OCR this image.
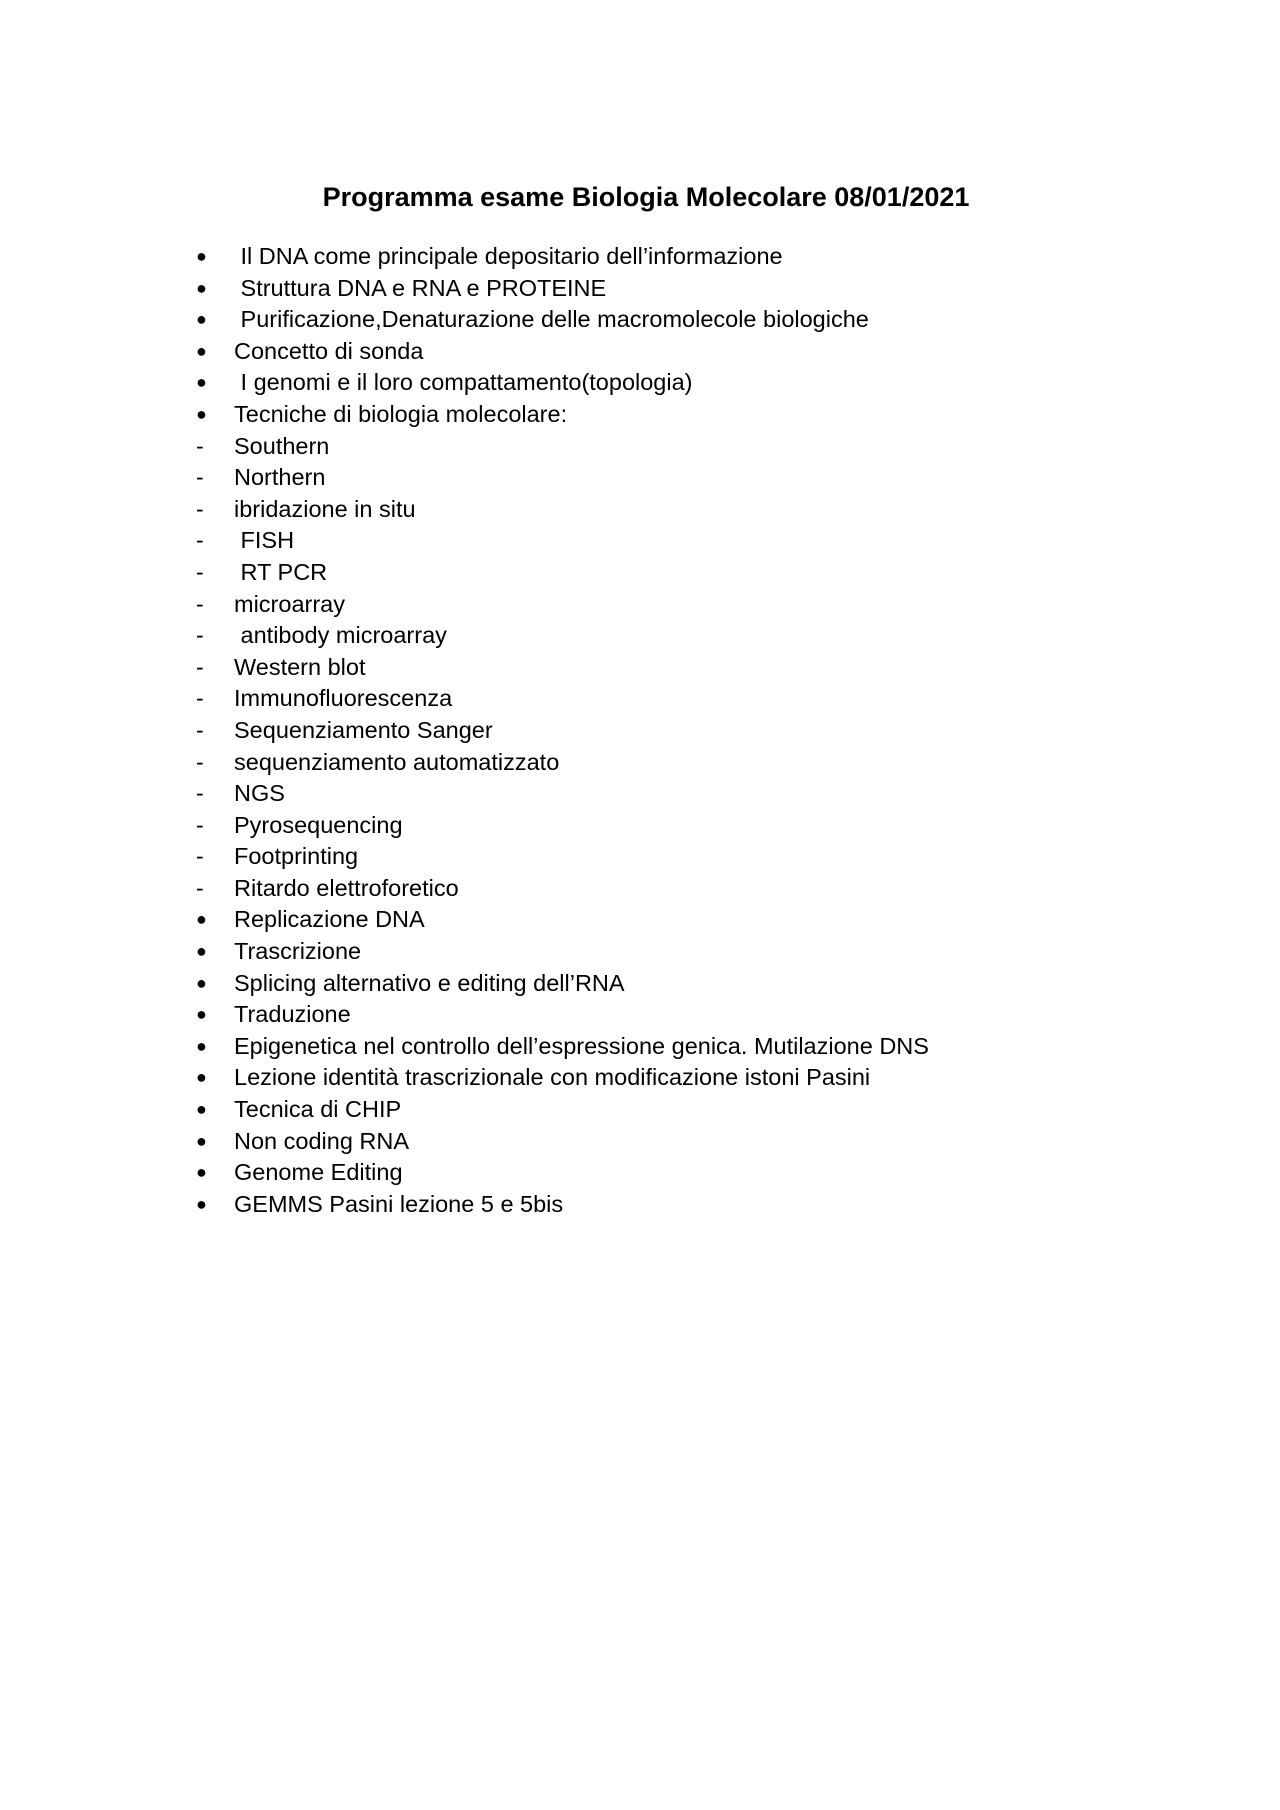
Programma esame Biologia Molecolare 08/01/2021
●	Il DNA come principale depositario dell’informazione
●	Struttura DNA e RNA e PROTEINE
●	Purificazione,Denaturazione delle macromolecole biologiche
●	Concetto di sonda
●	I genomi e il loro compattamento(topologia)
●	Tecniche di biologia molecolare:
-	Southern
-	Northern
-	ibridazione in situ
-	FISH
-	RT PCR
-	microarray
-	antibody microarray
-	Western blot
-	Immunofluorescenza
-	Sequenziamento Sanger
-	sequenziamento automatizzato
-	NGS
-	Pyrosequencing
-	Footprinting
-	Ritardo elettroforetico
●	Replicazione DNA
●	Trascrizione
●	Splicing alternativo e editing dell’RNA
●	Traduzione
●	Epigenetica nel controllo dell’espressione genica. Mutilazione DNS
●	Lezione identità trascrizionale con modificazione istoni Pasini
●	Tecnica di CHIP
●	Non coding RNA
●	Genome Editing
●	GEMMS Pasini lezione 5 e 5bis
